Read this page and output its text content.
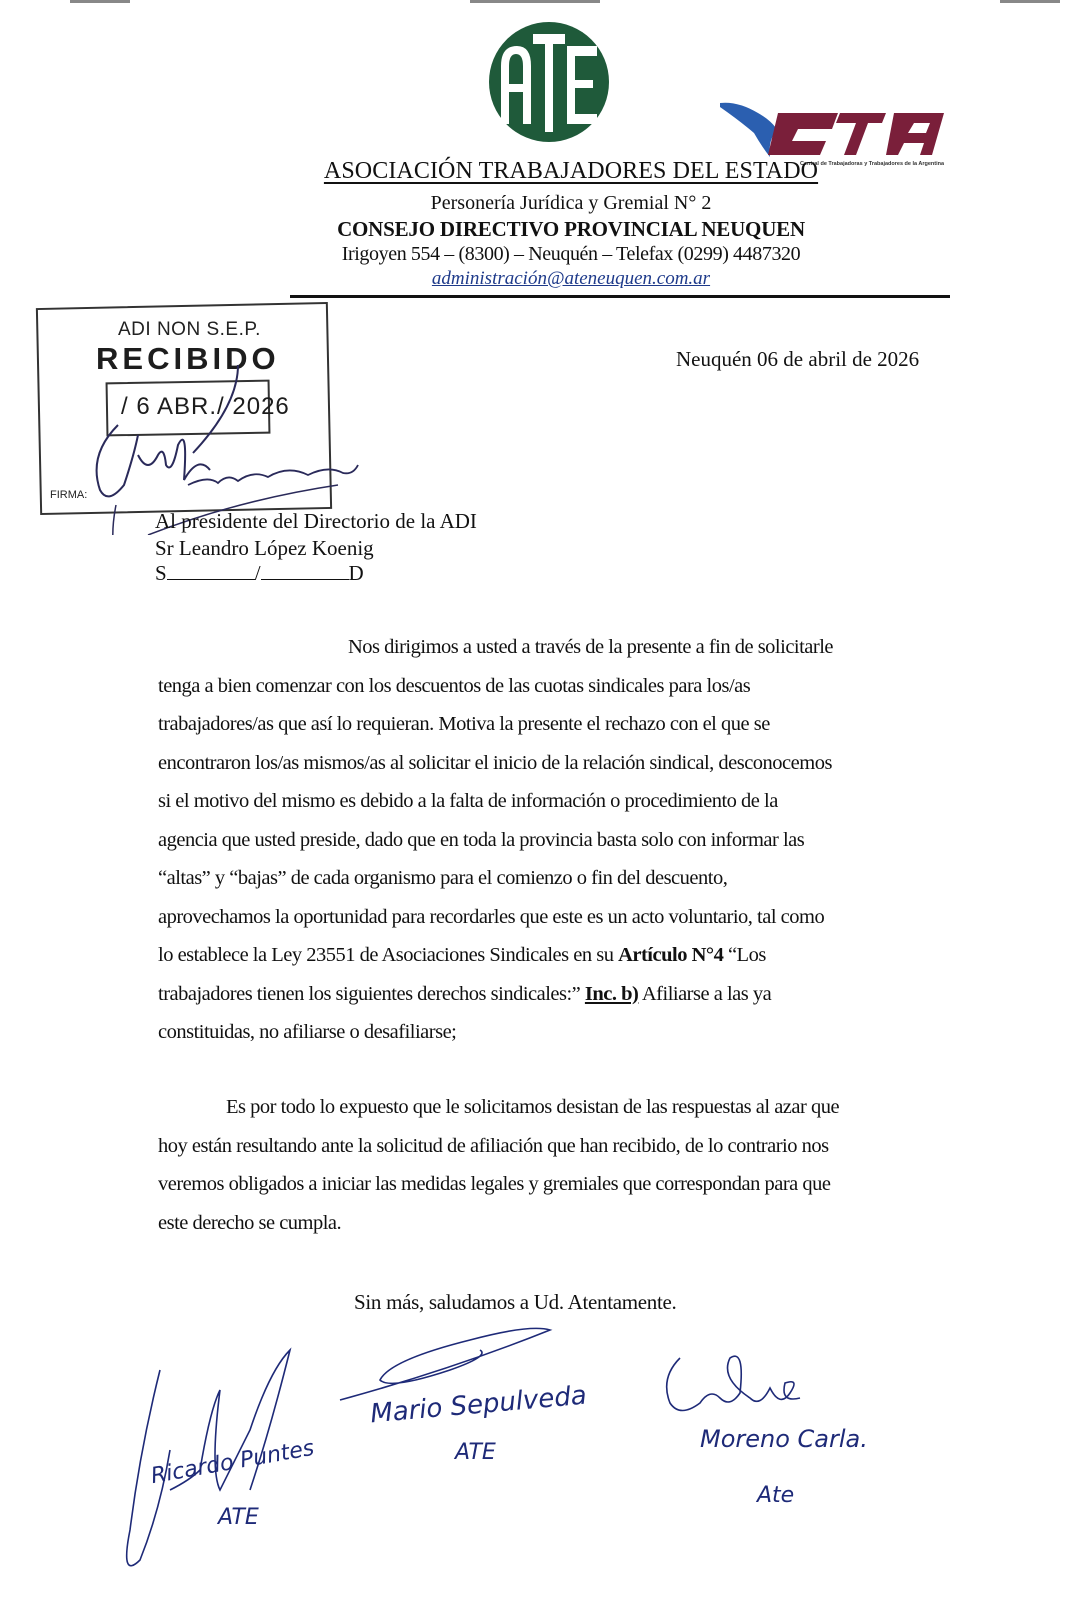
Central de Trabajadoras y Trabajadores de la Argentina
ASOCIACIÓN TRABAJADORES DEL ESTADO
Personería Jurídica y Gremial N° 2
CONSEJO DIRECTIVO PROVINCIAL NEUQUEN
Irigoyen 554 – (8300) – Neuquén – Telefax (0299) 4487320
administración@ateneuquen.com.ar
ADI NON S.E.P.
RECIBIDO
/ 6 ABR./ 2026
FIRMA:
Neuquén 06 de abril de 2026
Al presidente del Directorio de la ADI
Sr Leandro López Koenig
S	/	D

Nos dirigimos a usted a través de la presente a fin de solicitarle

tenga a bien comenzar con los descuentos de las cuotas sindicales para los/as

trabajadores/as que así lo requieran. Motiva la presente el rechazo con el que se

encontraron los/as mismos/as al solicitar el inicio de la relación sindical, desconocemos

si el motivo del mismo es debido a la falta de información o procedimiento de la

agencia que usted preside, dado que en toda la provincia basta solo con informar las

“altas” y “bajas” de cada organismo para el comienzo o fin del descuento,

aprovechamos la oportunidad para recordarles que este es un acto voluntario, tal como

lo establece la Ley 23551 de Asociaciones Sindicales en su Artículo N°4 “Los

trabajadores tienen los siguientes derechos sindicales:” Inc. b) Afiliarse a las ya

constituidas, no afiliarse o desafiliarse;

Es por todo lo expuesto que le solicitamos desistan de las respuestas al azar que

hoy están resultando ante la solicitud de afiliación que han recibido, de lo contrario nos

veremos obligados a iniciar las medidas legales y gremiales que correspondan para que

este derecho se cumpla.

Sin más, saludamos a Ud. Atentamente.
Ricardo Puntes
ATE
Mario Sepulveda
ATE	Moreno Carla.
Ate
